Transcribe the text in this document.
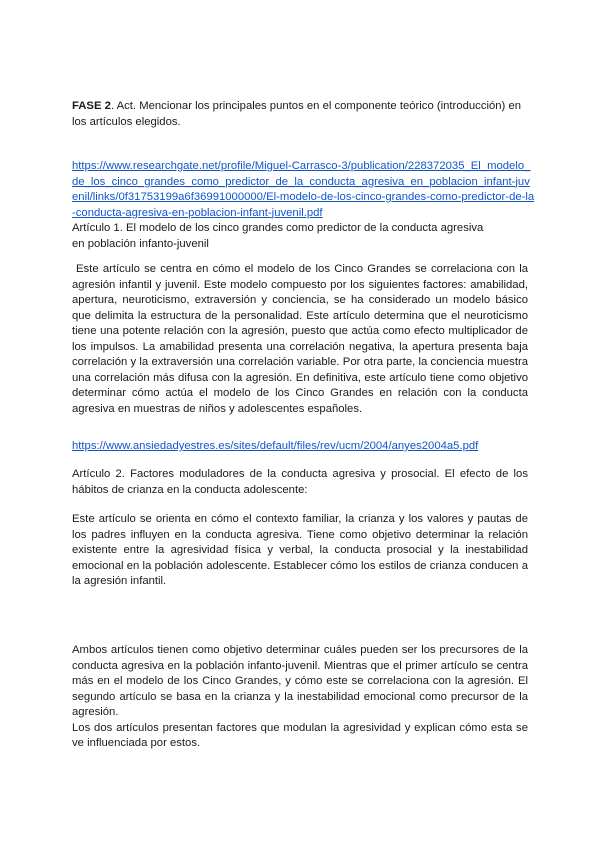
FASE 2. Act. Mencionar los principales puntos en el componente teórico (introducción) en
los artículos elegidos.
https://www.researchgate.net/profile/Miguel-Carrasco-3/publication/228372035_El_modelo_
de_los_cinco_grandes_como_predictor_de_la_conducta_agresiva_en_poblacion_infant-juv
enil/links/0f31753199a6f36991000000/El-modelo-de-los-cinco-grandes-como-predictor-de-la
-conducta-agresiva-en-poblacion-infant-juvenil.pdf
Artículo 1. El modelo de los cinco grandes como predictor de la conducta agresiva
en población infanto-juvenil

Este artículo se centra en cómo el modelo de los Cinco Grandes se correlaciona con la agresión infantil y juvenil. Este modelo compuesto por los siguientes factores: amabilidad, apertura, neuroticismo, extraversión y conciencia, se ha considerado un modelo básico que delimita la estructura de la personalidad. Este artículo determina que el neuroticismo tiene una potente relación con la agresión, puesto que actúa como efecto multiplicador de los impulsos. La amabilidad presenta una correlación negativa, la apertura presenta baja correlación y la extraversión una correlación variable. Por otra parte, la conciencia muestra una correlación más difusa con la agresión. En definitiva, este artículo tiene como objetivo determinar cómo actúa el modelo de los Cinco Grandes en relación con la conducta agresiva en muestras de niños y adolescentes españoles.

https://www.ansiedadyestres.es/sites/default/files/rev/ucm/2004/anyes2004a5.pdf

Artículo 2. Factores moduladores de la conducta agresiva y prosocial. El efecto de los hábitos de crianza en la conducta adolescente:

Este artículo se orienta en cómo el contexto familiar, la crianza y los valores y pautas de los padres influyen en la conducta agresiva. Tiene como objetivo determinar la relación existente entre la agresividad física y verbal, la conducta prosocial y la inestabilidad emocional en la población adolescente. Establecer cómo los estilos de crianza conducen a la agresión infantil.

Ambos artículos tienen como objetivo determinar cuáles pueden ser los precursores de la conducta agresiva en la población infanto-juvenil. Mientras que el primer artículo se centra más en el modelo de los Cinco Grandes, y cómo este se correlaciona con la agresión. El segundo artículo se basa en la crianza y la inestabilidad emocional como precursor de la agresión.

Los dos artículos presentan factores que modulan la agresividad y explican cómo esta se ve influenciada por estos.
